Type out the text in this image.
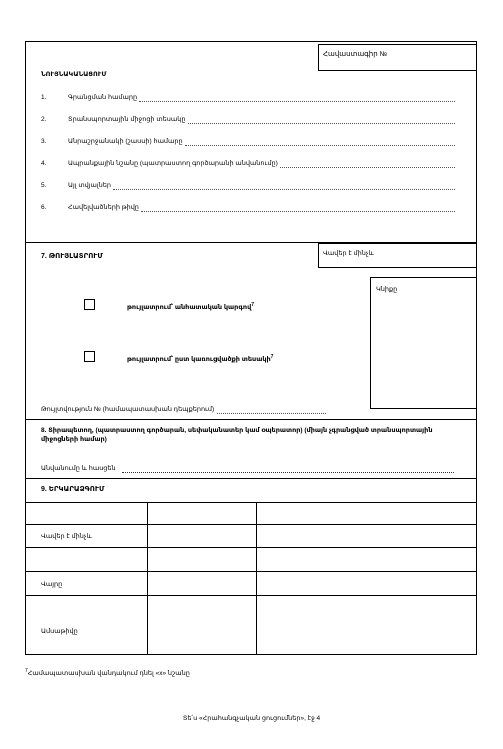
Հավաստագիր №
ՆՈՒՅՆԱԿԱՆԱՑՈՒՄ
1.	Գրանցման համարը
2.	Տրանսպորտային միջոցի տեսակը
3.	Անրաշրջանակի (շասսի) համարը
4.	Ապրանքային նշանը (պատրաստող գործարանի անվանումը)
5.	Այլ տվյալներ
6.	Հավելվածների թիվը
7. ԹՈՒՅԼԱՏՐՈՒՄ	Վավեր է մինչև
Կնիքը
թույլատրում՝ անհատական կարգով$^7$
թույլատրում՝ ըստ կառուցվածքի տեսակի$^7$
Թույլտվություն № (համապատասխան դեպքերում)
8. Տիրապետող, (պատրաստող գործարան, սեփականատեր կամ օպերատոր) (միայն չգրանցված տրանսպորտային միջոցների համար)
Անվանումը և հասցեն
9. ԵՐԿԱՐԱՁԳՈՒՄ
Վավեր է մինչև
Վայրը
Ամսաթիվը
$^7$Համապատասխան վանդակում դնել «x» նշանը
Տե՛ս «Հրահանգչական ցուցումներ», էջ 4
